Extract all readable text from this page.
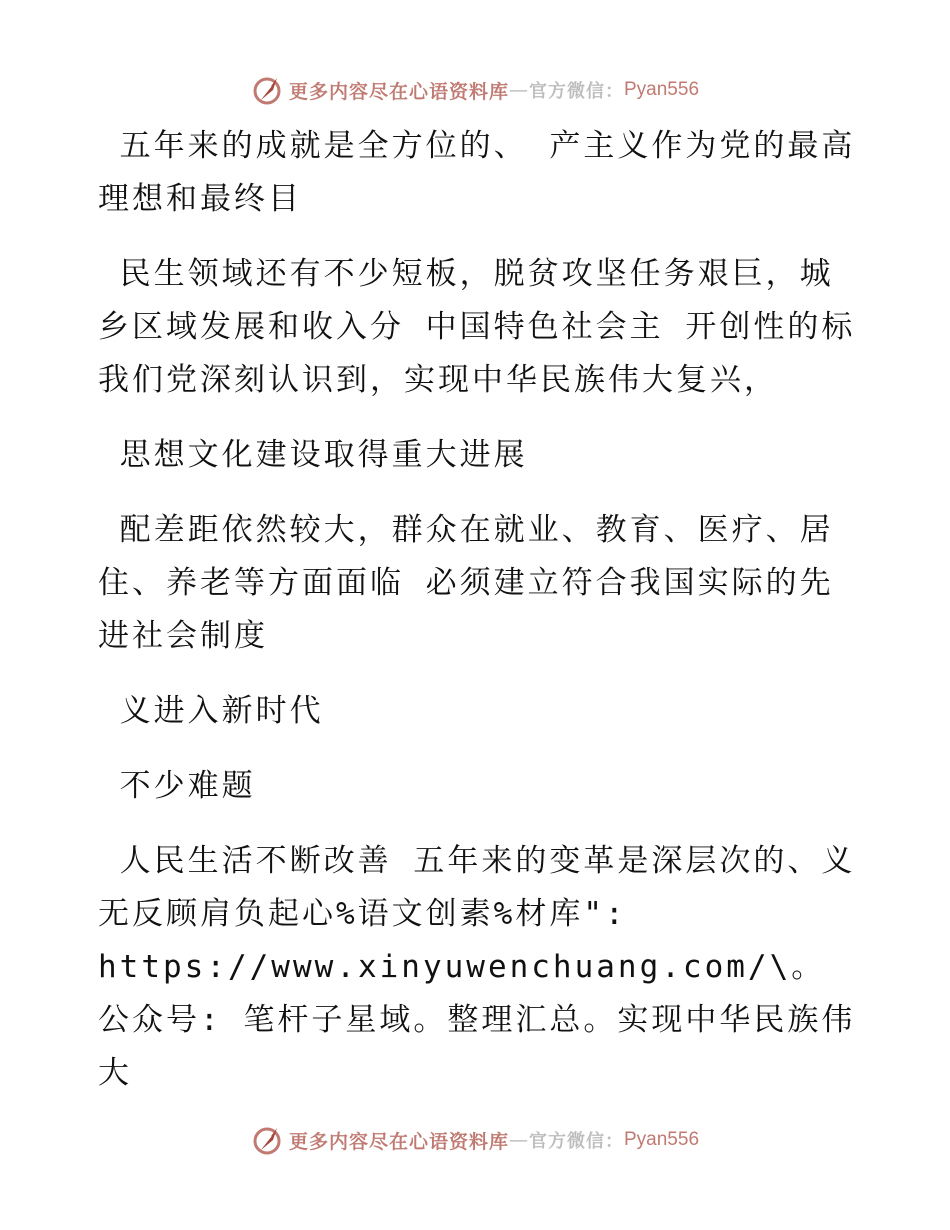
更多内容尽在心语资料库 — 官方微信： Pyan556

五年来的成就是全方位的、 产主义作为党的最高理想和最终目

民生领域还有不少短板，脱贫攻坚任务艰巨，城乡区域发展和收入分 中国特色社会主 开创性的标 我们党深刻认识到，实现中华民族伟大复兴，

思想文化建设取得重大进展

配差距依然较大，群众在就业、教育、医疗、居住、养老等方面面临 必须建立符合我国实际的先进社会制度

义进入新时代

不少难题

人民生活不断改善 五年来的变革是深层次的、义无反顾肩负起心%语文创素%材库": https://www.xinyuwenchuang.com/\。公众号: 笔杆子星域。整理汇总。实现中华民族伟大

更多内容尽在心语资料库 — 官方微信： Pyan556
